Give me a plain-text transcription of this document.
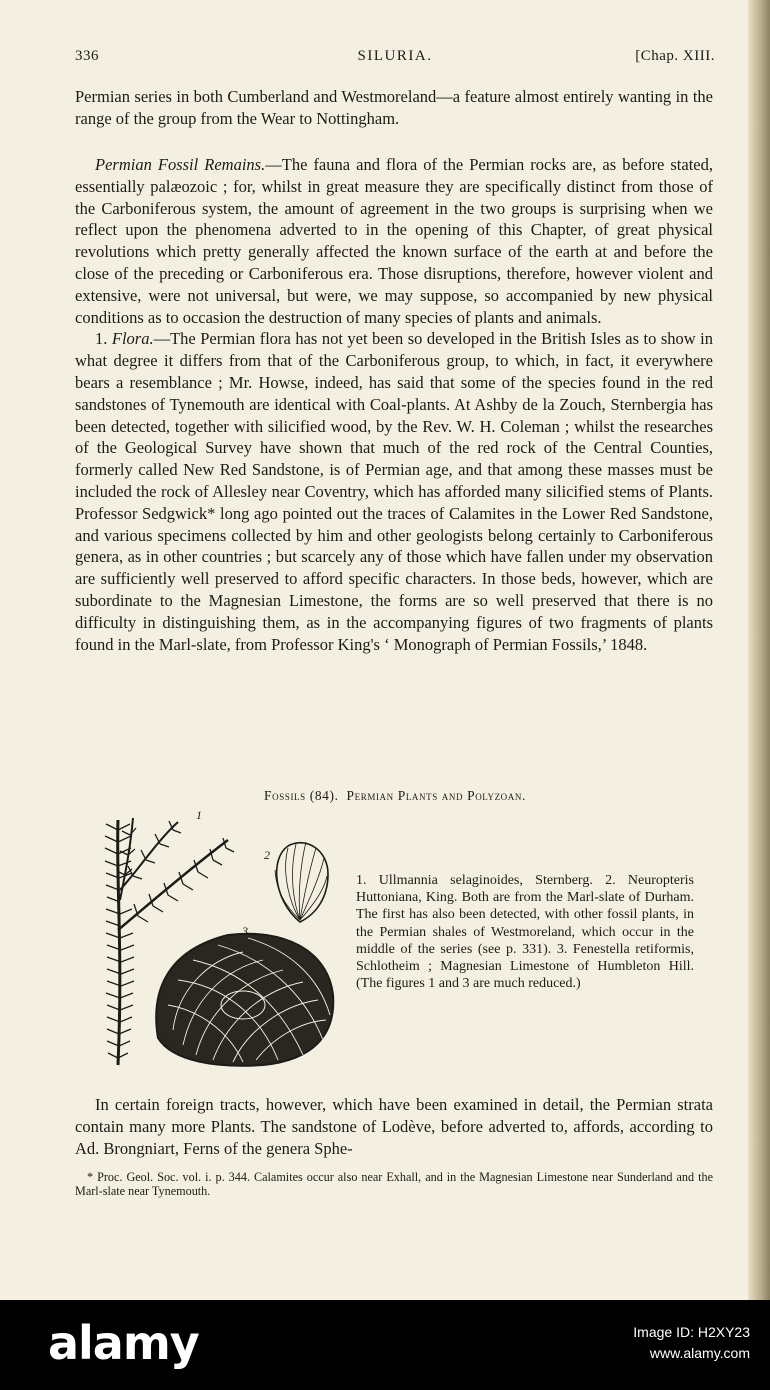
336	SILURIA.	[Chap. XIII.

Permian series in both Cumberland and Westmoreland—a feature almost entirely wanting in the range of the group from the Wear to Nottingham.

Permian Fossil Remains.—The fauna and flora of the Permian rocks are, as before stated, essentially palæozoic ; for, whilst in great measure they are specifically distinct from those of the Carboniferous system, the amount of agreement in the two groups is surprising when we reflect upon the phenomena adverted to in the opening of this Chapter, of great physical revolutions which pretty generally affected the known surface of the earth at and before the close of the preceding or Carboniferous era. Those disruptions, therefore, however violent and extensive, were not universal, but were, we may suppose, so accompanied by new physical conditions as to occasion the destruction of many species of plants and animals.

1. Flora.—The Permian flora has not yet been so developed in the British Isles as to show in what degree it differs from that of the Carboniferous group, to which, in fact, it everywhere bears a resemblance ; Mr. Howse, indeed, has said that some of the species found in the red sandstones of Tynemouth are identical with Coal-plants. At Ashby de la Zouch, Sternbergia has been detected, together with silicified wood, by the Rev. W. H. Coleman ; whilst the researches of the Geological Survey have shown that much of the red rock of the Central Counties, formerly called New Red Sandstone, is of Permian age, and that among these masses must be included the rock of Allesley near Coventry, which has afforded many silicified stems of Plants. Professor Sedgwick* long ago pointed out the traces of Calamites in the Lower Red Sandstone, and various specimens collected by him and other geologists belong certainly to Carboniferous genera, as in other countries ; but scarcely any of those which have fallen under my observation are sufficiently well preserved to afford specific characters. In those beds, however, which are subordinate to the Magnesian Limestone, the forms are so well preserved that there is no difficulty in distinguishing them, as in the accompanying figures of two fragments of plants found in the Marl-slate, from Professor King's ‘ Monograph of Permian Fossils,’ 1848.

Fossils (84). Permian Plants and Polyzoan.
1
2
3
1. Ullmannia selaginoides, Sternberg. 2. Neuropteris Huttoniana, King. Both are from the Marl-slate of Durham. The first has also been detected, with other fossil plants, in the Permian shales of Westmoreland, which occur in the middle of the series (see p. 331). 3. Fenestella retiformis, Schlotheim ; Magnesian Limestone of Humbleton Hill. (The figures 1 and 3 are much reduced.)

In certain foreign tracts, however, which have been examined in detail, the Permian strata contain many more Plants. The sandstone of Lodève, before adverted to, affords, according to Ad. Brongniart, Ferns of the genera Sphe-

* Proc. Geol. Soc. vol. i. p. 344. Calamites occur also near Exhall, and in the Magnesian Limestone near Sunderland and the Marl-slate near Tynemouth.

alamy	Image ID: H2XY23
www.alamy.com
